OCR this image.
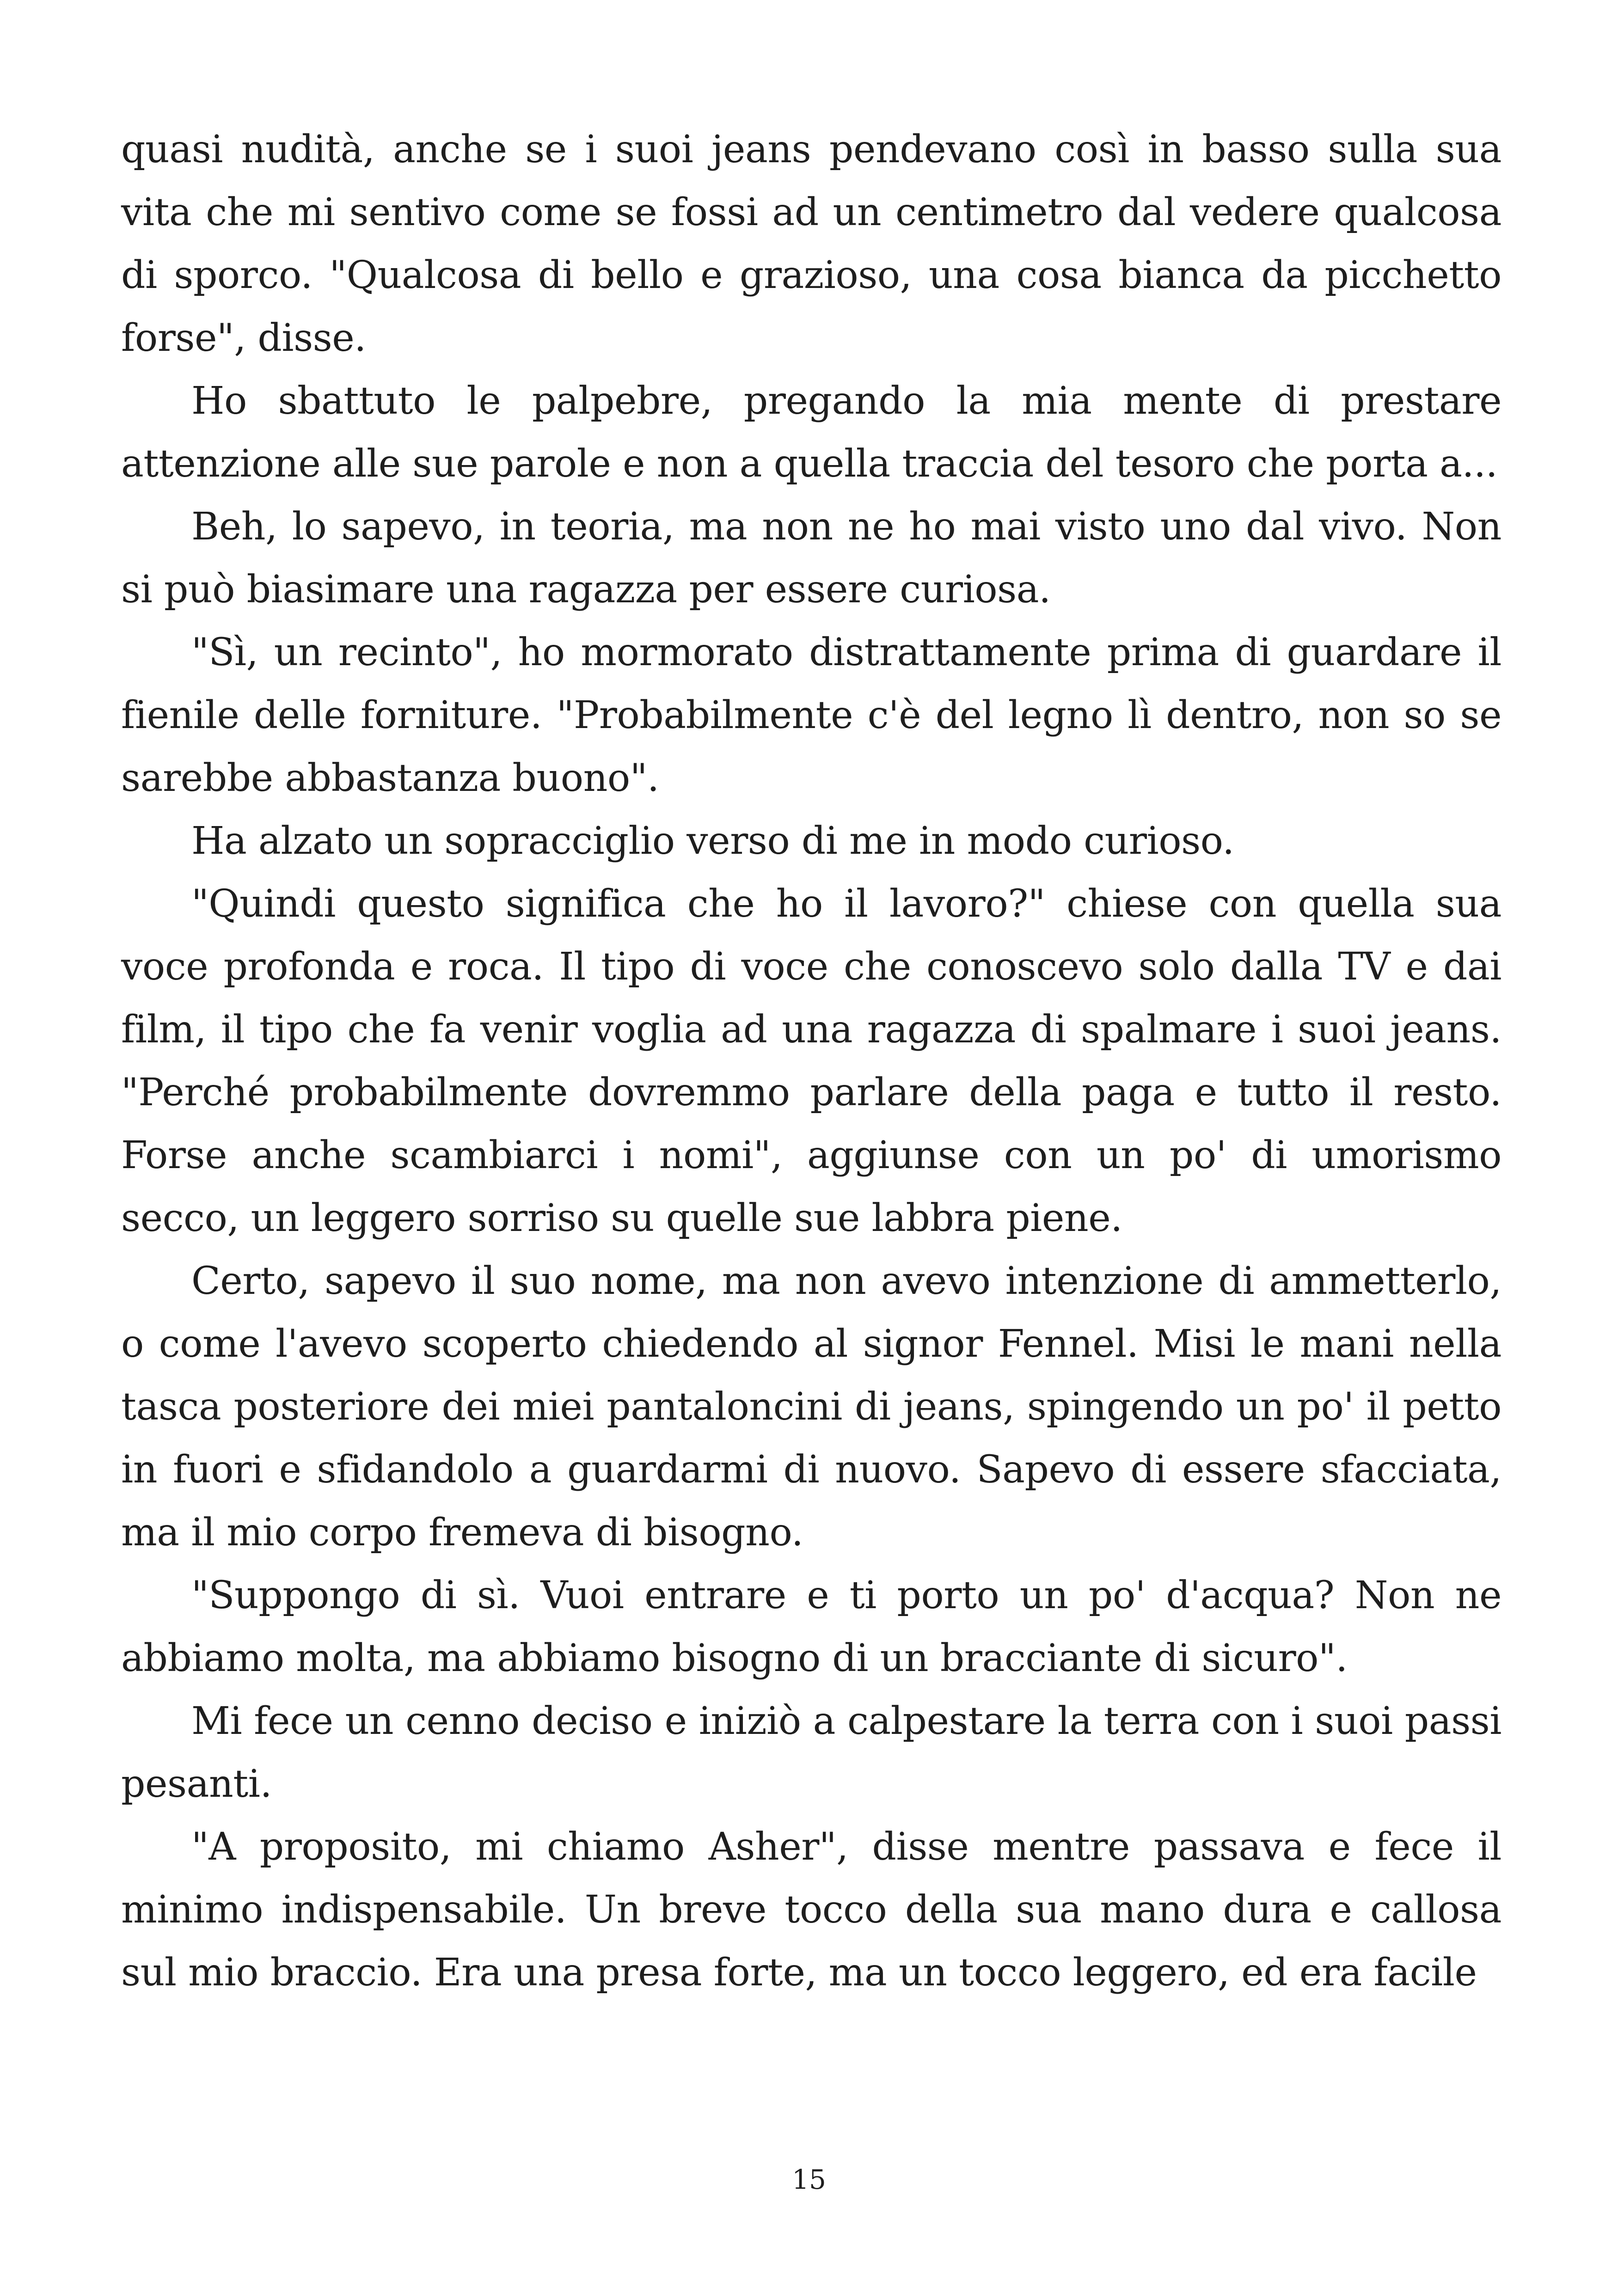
quasi nudità, anche se i suoi jeans pendevano così in basso sulla sua vita che mi sentivo come se fossi ad un centimetro dal vedere qualcosa di sporco. "Qualcosa di bello e grazioso, una cosa bianca da picchetto forse", disse.

Ho sbattuto le palpebre, pregando la mia mente di prestare attenzione alle sue parole e non a quella traccia del tesoro che porta a...

Beh, lo sapevo, in teoria, ma non ne ho mai visto uno dal vivo. Non si può biasimare una ragazza per essere curiosa.

"Sì, un recinto", ho mormorato distrattamente prima di guardare il fienile delle forniture. "Probabilmente c'è del legno lì dentro, non so se sarebbe abbastanza buono".

Ha alzato un sopracciglio verso di me in modo curioso.

"Quindi questo significa che ho il lavoro?" chiese con quella sua voce profonda e roca. Il tipo di voce che conoscevo solo dalla TV e dai film, il tipo che fa venir voglia ad una ragazza di spalmare i suoi jeans. "Perché probabilmente dovremmo parlare della paga e tutto il resto. Forse anche scambiarci i nomi", aggiunse con un po' di umorismo secco, un leggero sorriso su quelle sue labbra piene.

Certo, sapevo il suo nome, ma non avevo intenzione di ammetterlo, o come l'avevo scoperto chiedendo al signor Fennel. Misi le mani nella tasca posteriore dei miei pantaloncini di jeans, spingendo un po' il petto in fuori e sfidandolo a guardarmi di nuovo. Sapevo di essere sfacciata, ma il mio corpo fremeva di bisogno.

"Suppongo di sì. Vuoi entrare e ti porto un po' d'acqua? Non ne abbiamo molta, ma abbiamo bisogno di un bracciante di sicuro".

Mi fece un cenno deciso e iniziò a calpestare la terra con i suoi passi pesanti.

"A proposito, mi chiamo Asher", disse mentre passava e fece il minimo indispensabile. Un breve tocco della sua mano dura e callosa sul mio braccio. Era una presa forte, ma un tocco leggero, ed era facile

15
